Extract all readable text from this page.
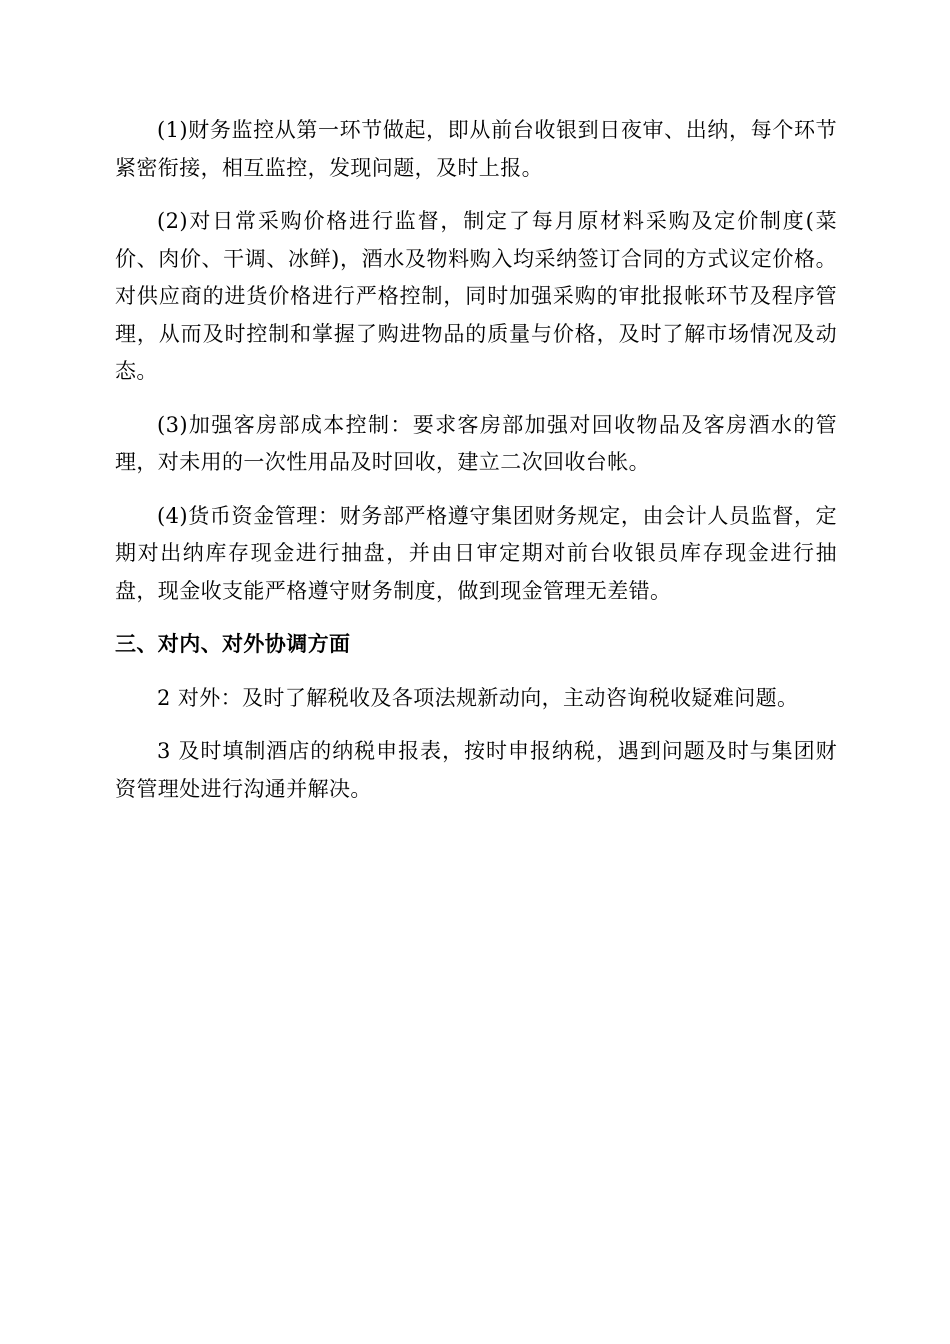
(1)财务监控从第一环节做起，即从前台收银到日夜审、出纳，每个环节紧密衔接，相互监控，发现问题，及时上报。

(2)对日常采购价格进行监督，制定了每月原材料采购及定价制度(菜价、肉价、干调、冰鲜)，酒水及物料购入均采纳签订合同的方式议定价格。对供应商的进货价格进行严格控制，同时加强采购的审批报帐环节及程序管理，从而及时控制和掌握了购进物品的质量与价格，及时了解市场情况及动态。

(3)加强客房部成本控制：要求客房部加强对回收物品及客房酒水的管理，对未用的一次性用品及时回收，建立二次回收台帐。

(4)货币资金管理：财务部严格遵守集团财务规定，由会计人员监督，定期对出纳库存现金进行抽盘，并由日审定期对前台收银员库存现金进行抽盘，现金收支能严格遵守财务制度，做到现金管理无差错。

三、对内、对外协调方面

2 对外：及时了解税收及各项法规新动向，主动咨询税收疑难问题。

3 及时填制酒店的纳税申报表，按时申报纳税，遇到问题及时与集团财资管理处进行沟通并解决。
